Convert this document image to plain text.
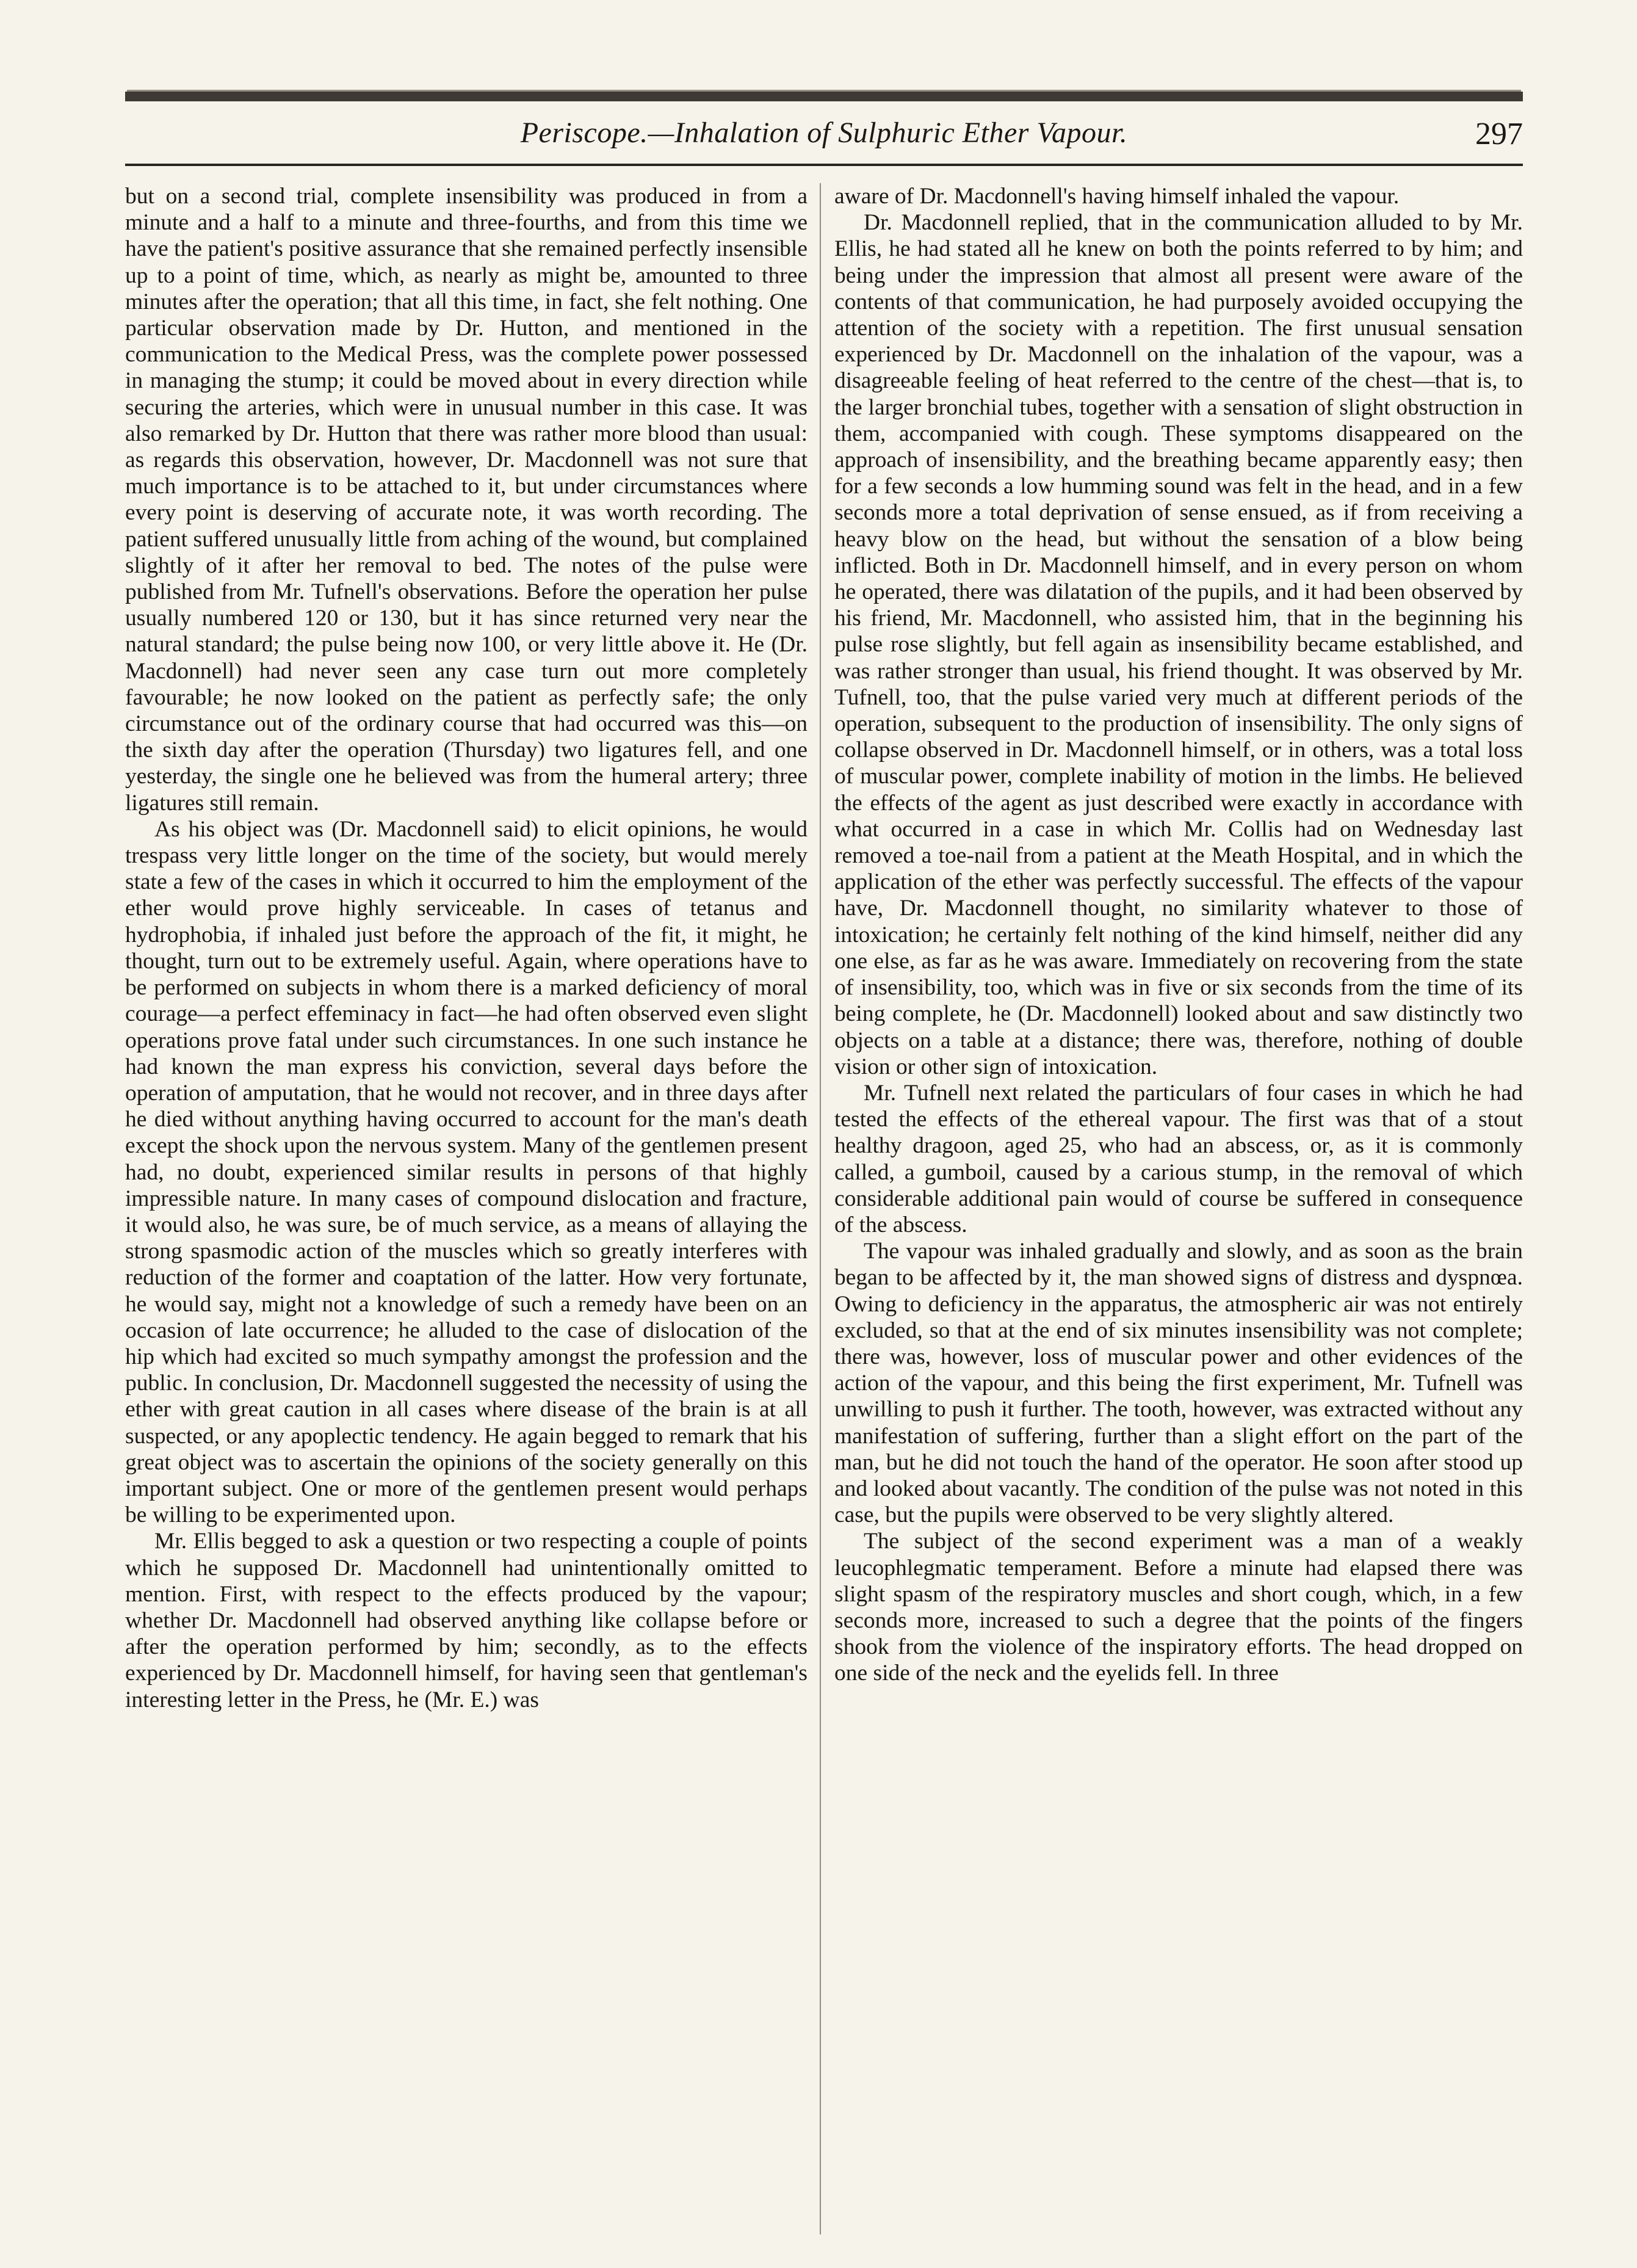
Periscope.—Inhalation of Sulphuric Ether Vapour.	297

but on a second trial, complete insensibility was produced in from a minute and a half to a minute and three-fourths, and from this time we have the patient's positive assurance that she remained perfectly insensible up to a point of time, which, as nearly as might be, amounted to three minutes after the operation; that all this time, in fact, she felt nothing. One particular observation made by Dr. Hutton, and mentioned in the communication to the Medical Press, was the complete power possessed in managing the stump; it could be moved about in every direction while securing the arteries, which were in unusual number in this case. It was also remarked by Dr. Hutton that there was rather more blood than usual: as regards this observation, however, Dr. Macdonnell was not sure that much importance is to be attached to it, but under circumstances where every point is deserving of accurate note, it was worth recording. The patient suffered unusually little from aching of the wound, but complained slightly of it after her removal to bed. The notes of the pulse were published from Mr. Tufnell's observations. Before the operation her pulse usually numbered 120 or 130, but it has since returned very near the natural standard; the pulse being now 100, or very little above it. He (Dr. Macdonnell) had never seen any case turn out more completely favourable; he now looked on the patient as perfectly safe; the only circumstance out of the ordinary course that had occurred was this—on the sixth day after the operation (Thursday) two ligatures fell, and one yesterday, the single one he believed was from the humeral artery; three ligatures still remain.

As his object was (Dr. Macdonnell said) to elicit opinions, he would trespass very little longer on the time of the society, but would merely state a few of the cases in which it occurred to him the employment of the ether would prove highly serviceable. In cases of tetanus and hydrophobia, if inhaled just before the approach of the fit, it might, he thought, turn out to be extremely useful. Again, where operations have to be performed on subjects in whom there is a marked deficiency of moral courage—a perfect effeminacy in fact—he had often observed even slight operations prove fatal under such circumstances. In one such instance he had known the man express his conviction, several days before the operation of amputation, that he would not recover, and in three days after he died without anything having occurred to account for the man's death except the shock upon the nervous system. Many of the gentlemen present had, no doubt, experienced similar results in persons of that highly impressible nature. In many cases of compound dislocation and fracture, it would also, he was sure, be of much service, as a means of allaying the strong spasmodic action of the muscles which so greatly interferes with reduction of the former and coaptation of the latter. How very fortunate, he would say, might not a knowledge of such a remedy have been on an occasion of late occurrence; he alluded to the case of dislocation of the hip which had excited so much sympathy amongst the profession and the public. In conclusion, Dr. Macdonnell suggested the necessity of using the ether with great caution in all cases where disease of the brain is at all suspected, or any apoplectic tendency. He again begged to remark that his great object was to ascertain the opinions of the society generally on this important subject. One or more of the gentlemen present would perhaps be willing to be experimented upon.

Mr. Ellis begged to ask a question or two respecting a couple of points which he supposed Dr. Macdonnell had unintentionally omitted to mention. First, with respect to the effects produced by the vapour; whether Dr. Macdonnell had observed anything like collapse before or after the operation performed by him; secondly, as to the effects experienced by Dr. Macdonnell himself, for having seen that gentleman's interesting letter in the Press, he (Mr. E.) was

aware of Dr. Macdonnell's having himself inhaled the vapour.

Dr. Macdonnell replied, that in the communication alluded to by Mr. Ellis, he had stated all he knew on both the points referred to by him; and being under the impression that almost all present were aware of the contents of that communication, he had purposely avoided occupying the attention of the society with a repetition. The first unusual sensation experienced by Dr. Macdonnell on the inhalation of the vapour, was a disagreeable feeling of heat referred to the centre of the chest—that is, to the larger bronchial tubes, together with a sensation of slight obstruction in them, accompanied with cough. These symptoms disappeared on the approach of insensibility, and the breathing became apparently easy; then for a few seconds a low humming sound was felt in the head, and in a few seconds more a total deprivation of sense ensued, as if from receiving a heavy blow on the head, but without the sensation of a blow being inflicted. Both in Dr. Macdonnell himself, and in every person on whom he operated, there was dilatation of the pupils, and it had been observed by his friend, Mr. Macdonnell, who assisted him, that in the beginning his pulse rose slightly, but fell again as insensibility became established, and was rather stronger than usual, his friend thought. It was observed by Mr. Tufnell, too, that the pulse varied very much at different periods of the operation, subsequent to the production of insensibility. The only signs of collapse observed in Dr. Macdonnell himself, or in others, was a total loss of muscular power, complete inability of motion in the limbs. He believed the effects of the agent as just described were exactly in accordance with what occurred in a case in which Mr. Collis had on Wednesday last removed a toe-nail from a patient at the Meath Hospital, and in which the application of the ether was perfectly successful. The effects of the vapour have, Dr. Macdonnell thought, no similarity whatever to those of intoxication; he certainly felt nothing of the kind himself, neither did any one else, as far as he was aware. Immediately on recovering from the state of insensibility, too, which was in five or six seconds from the time of its being complete, he (Dr. Macdonnell) looked about and saw distinctly two objects on a table at a distance; there was, therefore, nothing of double vision or other sign of intoxication.

Mr. Tufnell next related the particulars of four cases in which he had tested the effects of the ethereal vapour. The first was that of a stout healthy dragoon, aged 25, who had an abscess, or, as it is commonly called, a gumboil, caused by a carious stump, in the removal of which considerable additional pain would of course be suffered in consequence of the abscess.

The vapour was inhaled gradually and slowly, and as soon as the brain began to be affected by it, the man showed signs of distress and dyspnœa. Owing to deficiency in the apparatus, the atmospheric air was not entirely excluded, so that at the end of six minutes insensibility was not complete; there was, however, loss of muscular power and other evidences of the action of the vapour, and this being the first experiment, Mr. Tufnell was unwilling to push it further. The tooth, however, was extracted without any manifestation of suffering, further than a slight effort on the part of the man, but he did not touch the hand of the operator. He soon after stood up and looked about vacantly. The condition of the pulse was not noted in this case, but the pupils were observed to be very slightly altered.

The subject of the second experiment was a man of a weakly leucophlegmatic temperament. Before a minute had elapsed there was slight spasm of the respiratory muscles and short cough, which, in a few seconds more, increased to such a degree that the points of the fingers shook from the violence of the inspiratory efforts. The head dropped on one side of the neck and the eyelids fell. In three
